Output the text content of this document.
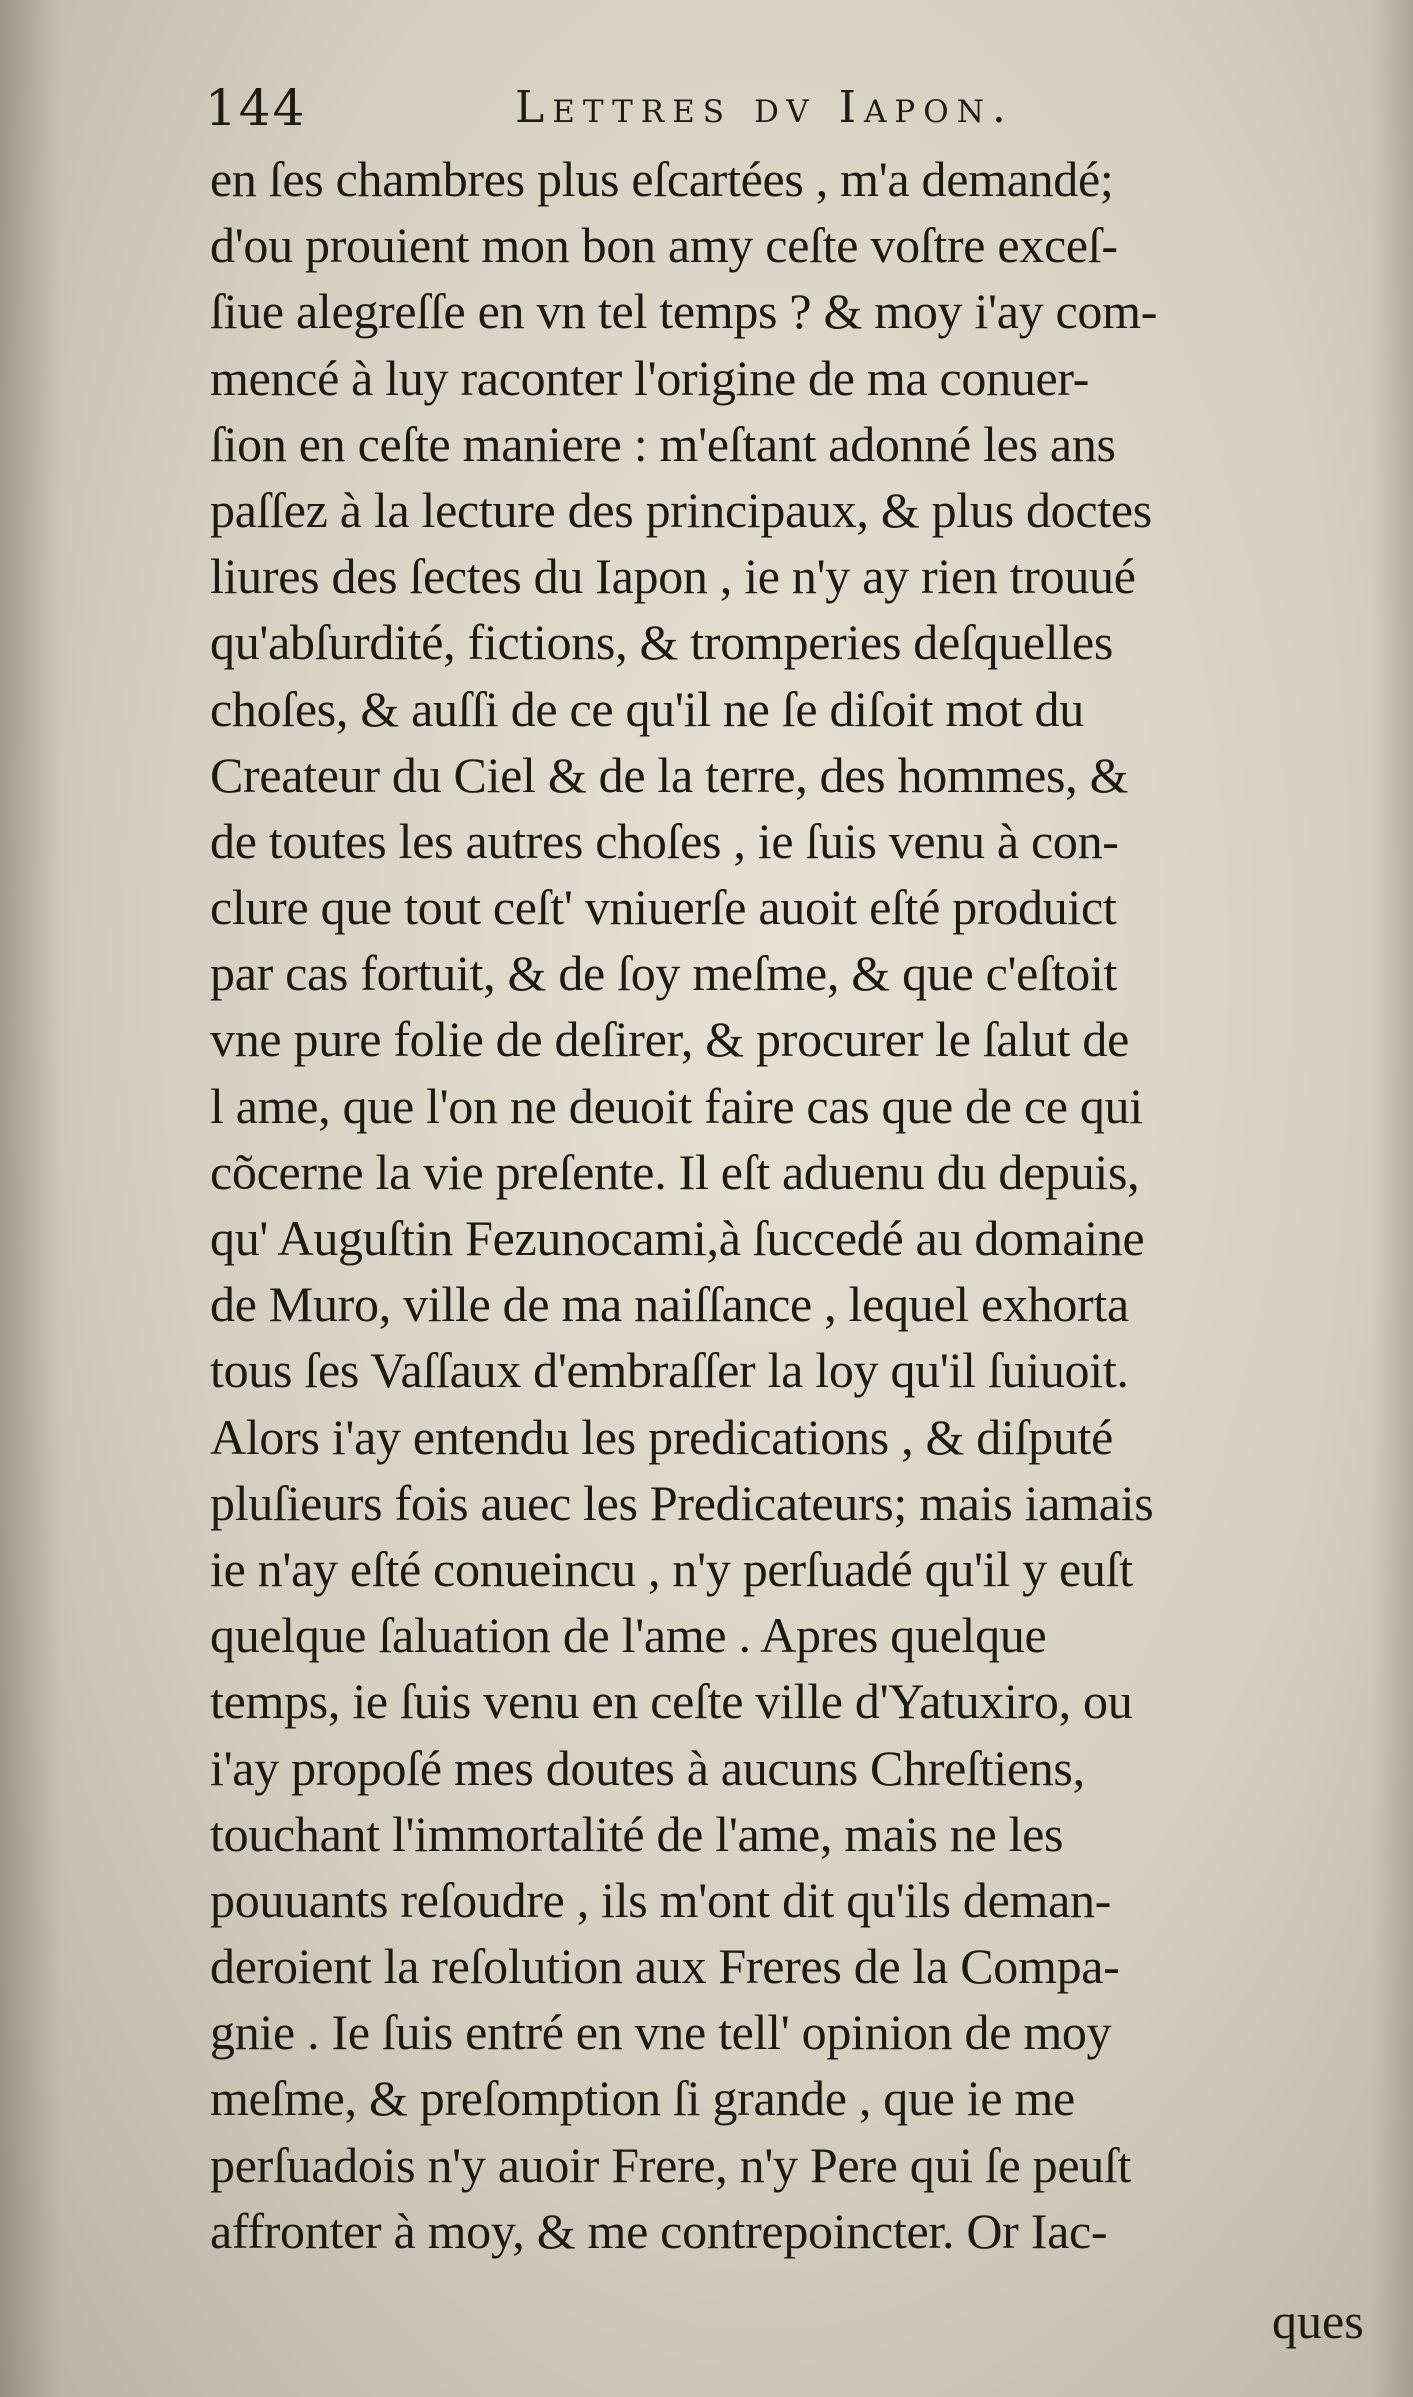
144	Lettres dv Iapon.
en ſes chambres plus eſcartées , m'a demandé;
d'ou prouient mon bon amy ceſte voſtre exceſ-
ſiue alegreſſe en vn tel temps ? & moy i'ay com-
mencé à luy raconter l'origine de ma conuer-
ſion en ceſte maniere : m'eſtant adonné les ans
paſſez à la lecture des principaux, & plus doctes
liures des ſectes du Iapon , ie n'y ay rien trouué
qu'abſurdité, fictions, & tromperies deſquelles
choſes, & auſſi de ce qu'il ne ſe diſoit mot du
Createur du Ciel & de la terre, des hommes, &
de toutes les autres choſes , ie ſuis venu à con-
clure que tout ceſt' vniuerſe auoit eſté produict
par cas fortuit, & de ſoy meſme, & que c'eſtoit
vne pure folie de deſirer, & procurer le ſalut de
l ame, que l'on ne deuoit faire cas que de ce qui
cõcerne la vie preſente. Il eſt aduenu du depuis,
qu' Auguſtin Fezunocami,à ſuccedé au domaine
de Muro, ville de ma naiſſance , lequel exhorta
tous ſes Vaſſaux d'embraſſer la loy qu'il ſuiuoit.
Alors i'ay entendu les predications , & diſputé
pluſieurs fois auec les Predicateurs; mais iamais
ie n'ay eſté conueincu , n'y perſuadé qu'il y euſt
quelque ſaluation de l'ame . Apres quelque
temps, ie ſuis venu en ceſte ville d'Yatuxiro, ou
i'ay propoſé mes doutes à aucuns Chreſtiens,
touchant l'immortalité de l'ame, mais ne les
pouuants reſoudre , ils m'ont dit qu'ils deman-
deroient la reſolution aux Freres de la Compa-
gnie . Ie ſuis entré en vne tell' opinion de moy
meſme, & preſomption ſi grande , que ie me
perſuadois n'y auoir Frere, n'y Pere qui ſe peuſt
affronter à moy, & me contrepoincter. Or Iac-
ques
